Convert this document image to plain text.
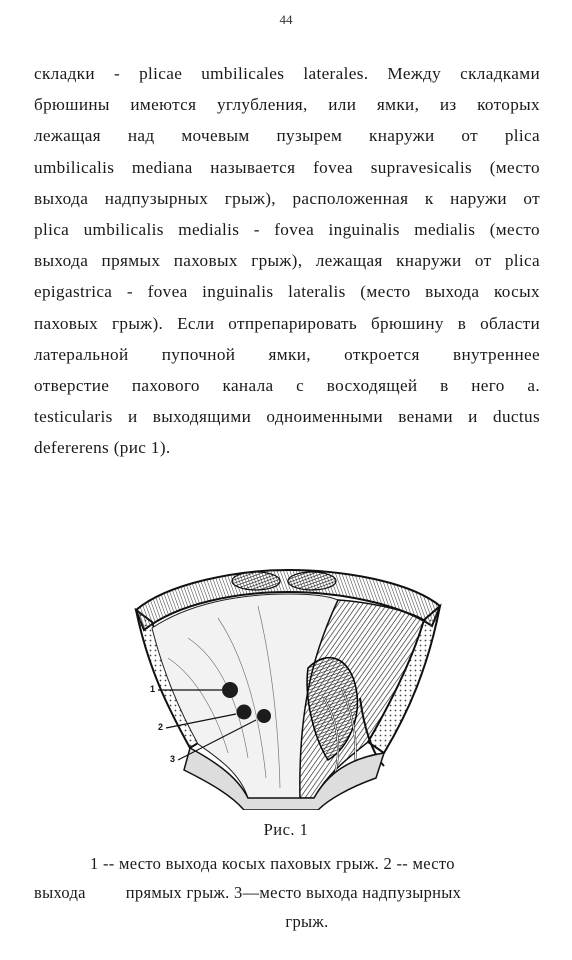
44
складки - plicae umbilicales lateralеs. Между складками
брюшины имеются углубления, или ямки, из которых
лежащая над мочевым пузырем кнаружи от plica
umbilicalis mediana называется fovea supravesicalis (место
выхода надпузырных грыж), расположенная к наружи от
plica umbilicalis medialis - fovea inguinalis medialis (место
выхода прямых паховых грыж), лежащая кнаружи от plica
epigastrica - fovea inguinalis lateralis (место выхода косых
паховых грыж). Если отпрепарировать брюшину в области
латеральной пупочной ямки, откроется внутреннее
отверстие пахового канала с восходящей в него a.
testicularis и выходящими одноименными венами и ductus
defererens (рис 1).
1
2
3
Рис. 1
1 -- место выхода косых паховых грыж. 2 -- место
выхода прямых грыж. 3—место выхода надпузырных
грыж.
